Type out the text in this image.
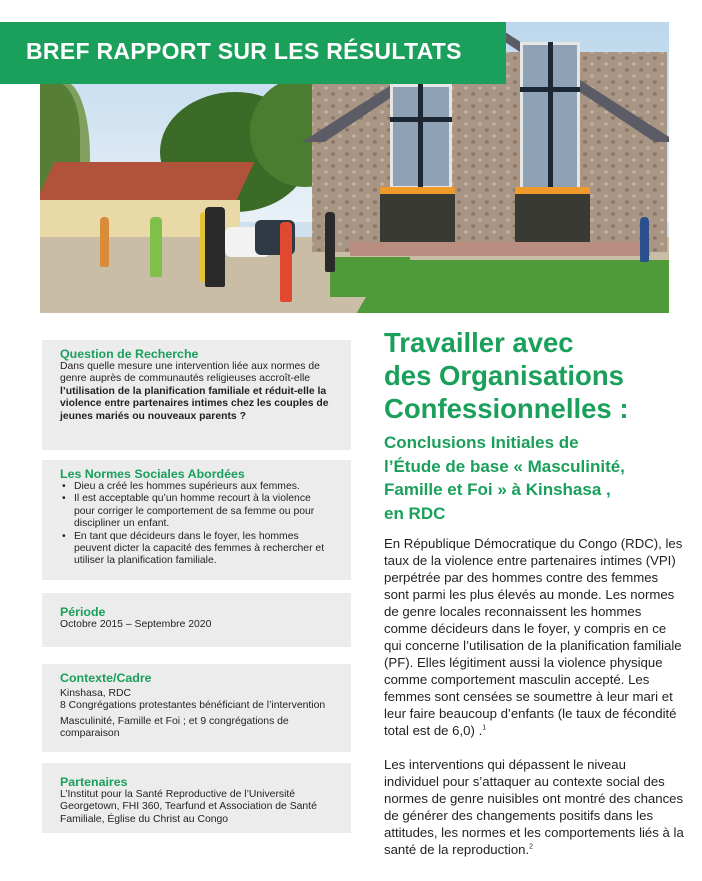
BREF RAPPORT SUR LES RÉSULTATS
Question de Recherche

Dans quelle mesure une intervention liée aux normes de genre auprès de communautés religieuses accroît-elle l’utilisation de la planification familiale et réduit-elle la violence entre partenaires intimes chez les couples de jeunes mariés ou nouveaux parents ?

Les Normes Sociales Abordées
• Dieu a créé les hommes supérieurs aux femmes.
• Il est acceptable qu’un homme recourt à la violence pour corriger le comportement de sa femme ou pour discipliner un enfant.
• En tant que décideurs dans le foyer, les hommes peuvent dicter la capacité des femmes à rechercher et utiliser la planification familiale.
Période

Octobre 2015 – Septembre 2020

Contexte/Cadre

Kinshasa, RDC

8 Congrégations protestantes bénéficiant de l’intervention

Masculinité, Famille et Foi ; et 9 congrégations de comparaison

Partenaires

L’Institut pour la Santé Reproductive de l’Université Georgetown, FHI 360, Tearfund et Association de Santé Familiale, Église du Christ au Congo

Travailler avec
des Organisations
Confessionnelles :
Conclusions Initiales de
l’Étude de base « Masculinité,
Famille et Foi » à Kinshasa ,
en RDC

En République Démocratique du Congo (RDC), les taux de la violence entre partenaires intimes (VPI) perpétrée par des hommes contre des femmes sont parmi les plus élevés au monde. Les normes de genre locales reconnaissent les hommes comme décideurs dans le foyer, y compris en ce qui concerne l’utilisation de la planification familiale (PF). Elles légitiment aussi la violence physique comme comportement masculin accepté. Les femmes sont censées se soumettre à leur mari et leur faire beaucoup d’enfants (le taux de fécondité total est de 6,0) .$^1$

Les interventions qui dépassent le niveau individuel pour s’attaquer au contexte social des normes de genre nuisibles ont montré des chances de générer des changements positifs dans les attitudes, les normes et les comportements liés à la santé de la reproduction.$^2$
